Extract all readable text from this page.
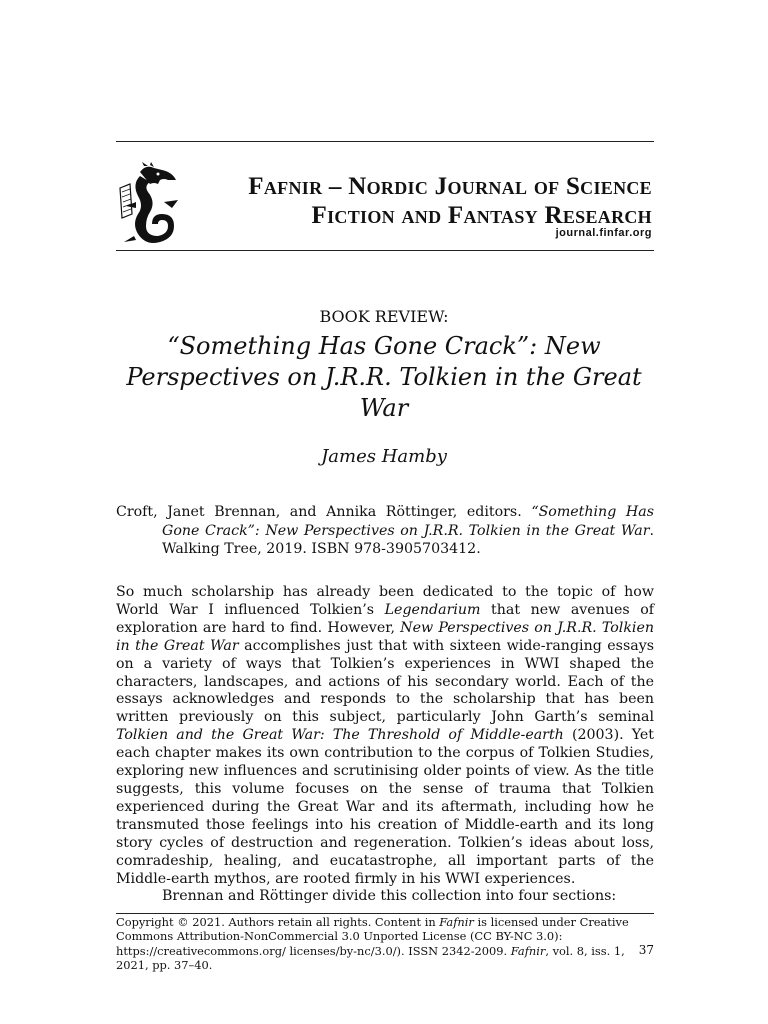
Fafnir – Nordic Journal of Science Fiction and Fantasy Research
journal.finfar.org
BOOK REVIEW:
“Something Has Gone Crack”: New Perspectives on J.R.R. Tolkien in the Great War
James Hamby

Croft, Janet Brennan, and Annika Röttinger, editors. “Something Has Gone Crack”: New Perspectives on J.R.R. Tolkien in the Great War. Walking Tree, 2019. ISBN 978-3905703412.

So much scholarship has already been dedicated to the topic of how World War I influenced Tolkien’s Legendarium that new avenues of exploration are hard to find. However, New Perspectives on J.R.R. Tolkien in the Great War accomplishes just that with sixteen wide-ranging essays on a variety of ways that Tolkien’s experiences in WWI shaped the characters, landscapes, and actions of his secondary world. Each of the essays acknowledges and responds to the scholarship that has been written previously on this subject, particularly John Garth’s seminal Tolkien and the Great War: The Threshold of Middle-earth (2003). Yet each chapter makes its own contribution to the corpus of Tolkien Studies, exploring new influences and scrutinising older points of view. As the title suggests, this volume focuses on the sense of trauma that Tolkien experienced during the Great War and its aftermath, including how he transmuted those feelings into his creation of Middle-earth and its long story cycles of destruction and regeneration. Tolkien’s ideas about loss, comradeship, healing, and eucatastrophe, all important parts of the Middle-earth mythos, are rooted firmly in his WWI experiences.

Brennan and Röttinger divide this collection into four sections:

Copyright © 2021. Authors retain all rights. Content in Fafnir is licensed under Creative Commons Attribution-NonCommercial 3.0 Unported License (CC BY-NC 3.0): https://creativecommons.org/ licenses/by-nc/3.0/). ISSN 2342-2009. Fafnir, vol. 8, iss. 1, 2021, pp. 37–40.
37
